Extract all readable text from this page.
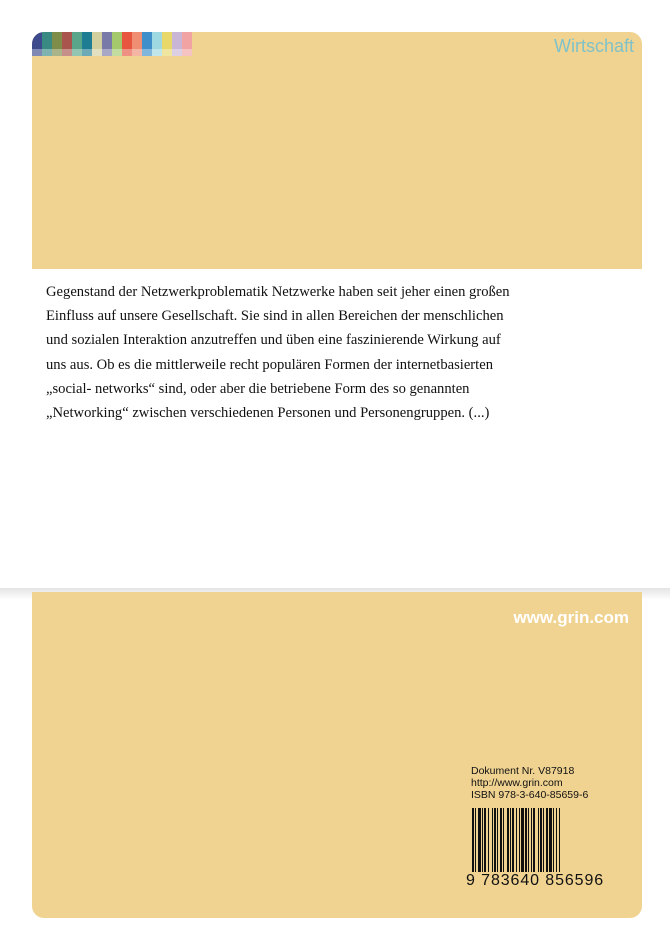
Wirtschaft

Gegenstand der Netzwerkproblematik Netzwerke haben seit jeher einen großen
Einfluss auf unsere Gesellschaft. Sie sind in allen Bereichen der menschlichen
und sozialen Interaktion anzutreffen und üben eine faszinierende Wirkung auf
uns aus. Ob es die mittlerweile recht populären Formen der internetbasierten
„social- networks“ sind, oder aber die betriebene Form des so genannten
„Networking“ zwischen verschiedenen Personen und Personengruppen. (...)

www.grin.com
Dokument Nr. V87918
http://www.grin.com
ISBN 978-3-640-85659-6
9 783640 856596
